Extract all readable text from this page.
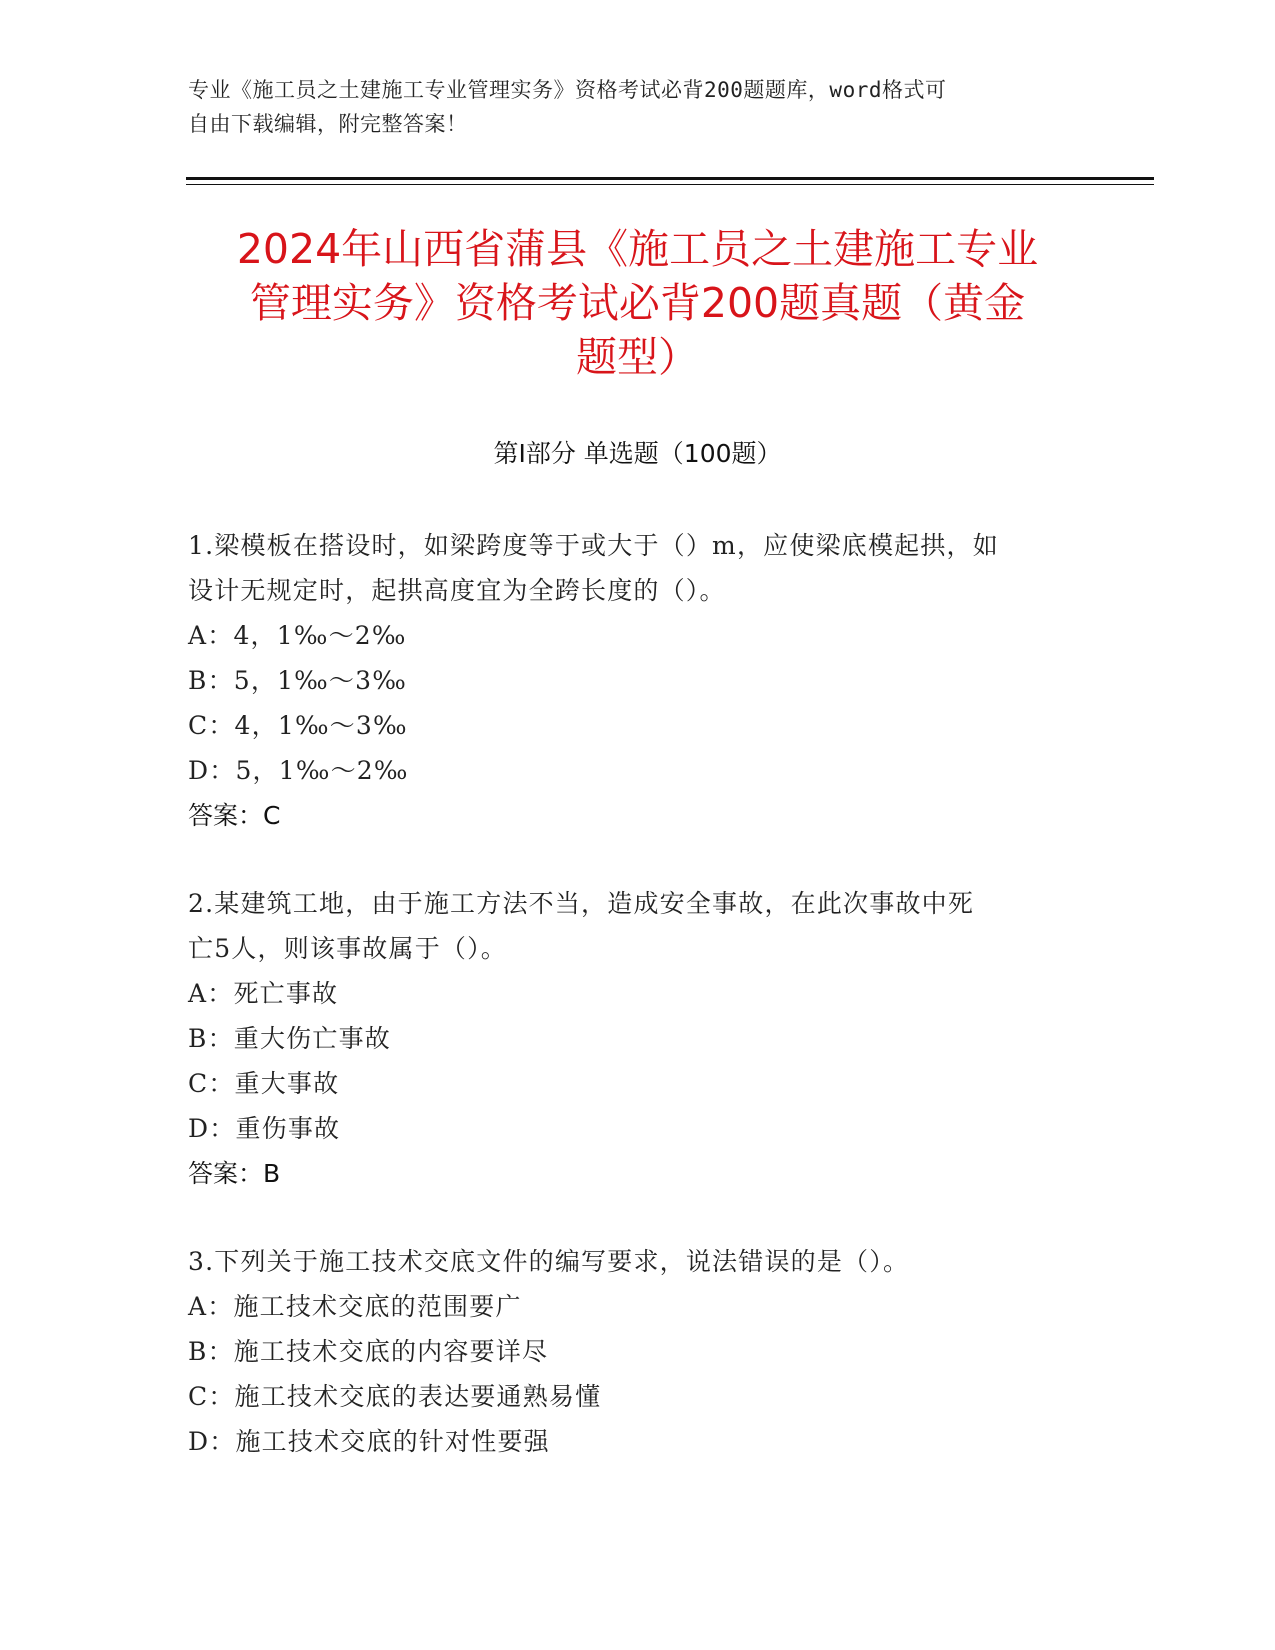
专业《施工员之土建施工专业管理实务》资格考试必背200题题库，word格式可
自由下载编辑，附完整答案！
2024年山西省蒲县《施工员之土建施工专业
管理实务》资格考试必背200题真题（黄金
题型）
第Ⅰ部分 单选题（100题）
1.梁模板在搭设时，如梁跨度等于或大于（）m，应使梁底模起拱，如
设计无规定时，起拱高度宜为全跨长度的（）。
A：4，1‰～2‰
B：5，1‰～3‰
C：4，1‰～3‰
D：5，1‰～2‰
答案：C
2.某建筑工地，由于施工方法不当，造成安全事故，在此次事故中死
亡5人，则该事故属于（）。
A：死亡事故
B：重大伤亡事故
C：重大事故
D：重伤事故
答案：B
3.下列关于施工技术交底文件的编写要求，说法错误的是（）。
A：施工技术交底的范围要广
B：施工技术交底的内容要详尽
C：施工技术交底的表达要通熟易懂
D：施工技术交底的针对性要强
